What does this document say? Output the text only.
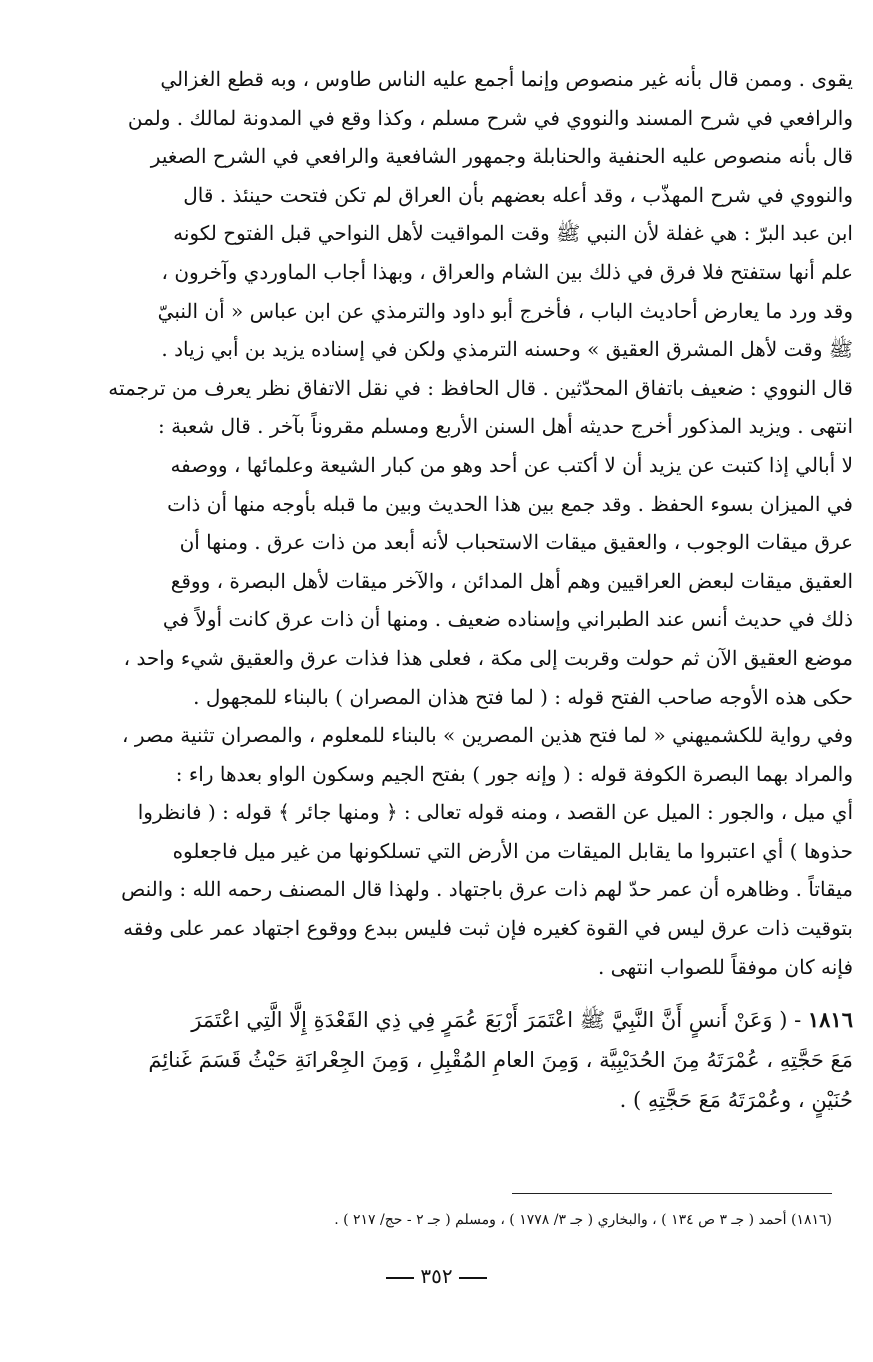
يقوى . وممن قال بأنه غير منصوص وإنما أجمع عليه الناس طاوس ، وبه قطع الغزالي
والرافعي في شرح المسند والنووي في شرح مسلم ، وكذا وقع في المدونة لمالك . ولمن
قال بأنه منصوص عليه الحنفية والحنابلة وجمهور الشافعية والرافعي في الشرح الصغير
والنووي في شرح المهذّب ، وقد أعله بعضهم بأن العراق لم تكن فتحت حينئذ . قال
ابن عبد البرّ : هي غفلة لأن النبي ﷺ وقت المواقيت لأهل النواحي قبل الفتوح لكونه
علم أنها ستفتح فلا فرق في ذلك بين الشام والعراق ، وبهذا أجاب الماوردي وآخرون ،
وقد ورد ما يعارض أحاديث الباب ، فأخرج أبو داود والترمذي عن ابن عباس « أن النبيّ
ﷺ وقت لأهل المشرق العقيق » وحسنه الترمذي ولكن في إسناده يزيد بن أبي زياد .
قال النووي : ضعيف باتفاق المحدّثين . قال الحافظ : في نقل الاتفاق نظر يعرف من ترجمته
انتهى . ويزيد المذكور أخرج حديثه أهل السنن الأربع ومسلم مقروناً بآخر . قال شعبة :
لا أبالي إذا كتبت عن يزيد أن لا أكتب عن أحد وهو من كبار الشيعة وعلمائها ، ووصفه
في الميزان بسوء الحفظ . وقد جمع بين هذا الحديث وبين ما قبله بأوجه منها أن ذات
عرق ميقات الوجوب ، والعقيق ميقات الاستحباب لأنه أبعد من ذات عرق . ومنها أن
العقيق ميقات لبعض العراقيين وهم أهل المدائن ، والآخر ميقات لأهل البصرة ، ووقع
ذلك في حديث أنس عند الطبراني وإسناده ضعيف . ومنها أن ذات عرق كانت أولاً في
موضع العقيق الآن ثم حولت وقربت إلى مكة ، فعلى هذا فذات عرق والعقيق شيء واحد ،
حكى هذه الأوجه صاحب الفتح قوله : ( لما فتح هذان المصران ) بالبناء للمجهول .
وفي رواية للكشميهني « لما فتح هذين المصرين » بالبناء للمعلوم ، والمصران تثنية مصر ،
والمراد بهما البصرة الكوفة قوله : ( وإنه جور ) بفتح الجيم وسكون الواو بعدها راء :
أي ميل ، والجور : الميل عن القصد ، ومنه قوله تعالى : ﴿ ومنها جائر ﴾ قوله : ( فانظروا
حذوها ) أي اعتبروا ما يقابل الميقات من الأرض التي تسلكونها من غير ميل فاجعلوه
ميقاتاً . وظاهره أن عمر حدّ لهم ذات عرق باجتهاد . ولهذا قال المصنف رحمه الله : والنص
بتوقيت ذات عرق ليس في القوة كغيره فإن ثبت فليس ببدع ووقوع اجتهاد عمر على وفقه
فإنه كان موفقاً للصواب انتهى .
١٨١٦ - ( وَعَنْ أَنسٍ أَنَّ النَّبِيَّ ﷺ اعْتَمَرَ أَرْبَعَ عُمَرٍ فِي ذِي القَعْدَةِ إِلَّا الَّتِي اعْتَمَرَ
مَعَ حَجَّتِهِ ، عُمْرَتَهُ مِنَ الحُدَيْبِيَّة ، وَمِنَ العامِ المُقْبِلِ ، وَمِنَ الجِعْرانَةِ حَيْثُ قَسَمَ غَنائِمَ
حُنَيْنٍ ، وعُمْرَتَهُ مَعَ حَجَّتِهِ ) .
(١٨١٦) أحمد ( جـ ٣ ص ١٣٤ ) ، والبخاري ( جـ ٣/ ١٧٧٨ ) ، ومسلم ( جـ ٢ - حج/ ٢١٧ ) .
٣٥٢
